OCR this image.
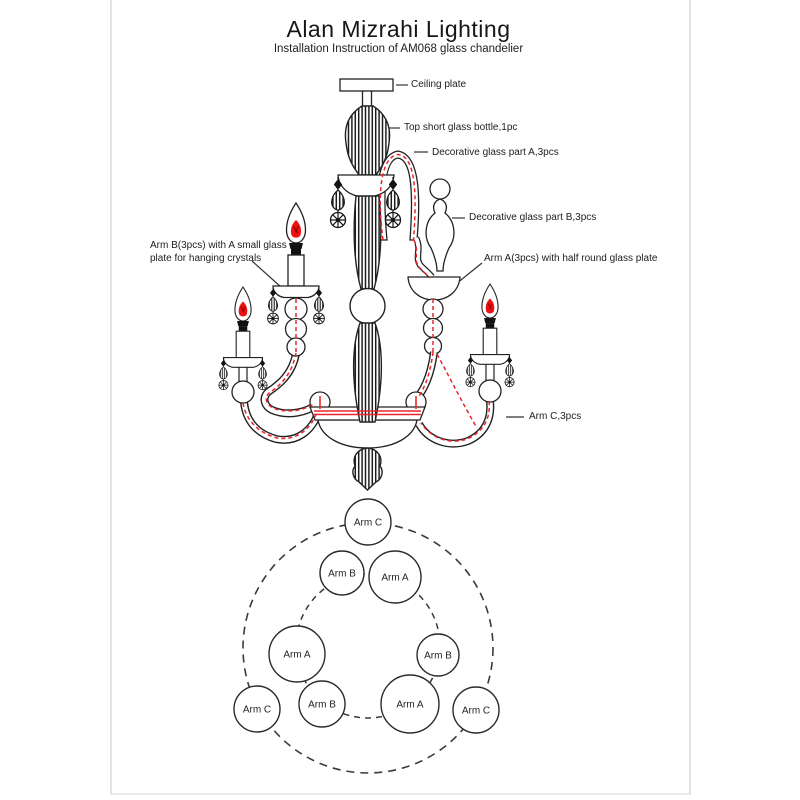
Alan Mizrahi Lighting
Installation Instruction of AM068 glass chandelier
Ceiling plate
Top short glass bottle,1pc
Decorative glass part A,3pcs
Decorative glass part B,3pcs
Arm A(3pcs) with half round glass plate
Arm B(3pcs) with A small glass
plate for hanging crystals
Arm C,3pcs
Arm C
Arm B	Arm A
Arm A	Arm B
Arm C	Arm B	Arm A
Arm C
